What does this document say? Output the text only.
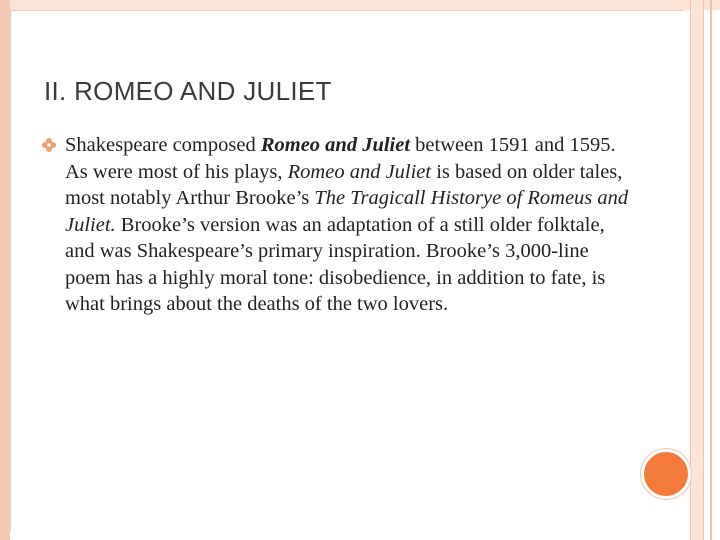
II. ROMEO AND JULIET
Shakespeare composed Romeo and Juliet between 1591 and 1595. As were most of his plays, Romeo and Juliet is based on older tales, most notably Arthur Brooke’s The Tragicall Historye of Romeus and Juliet. Brooke’s version was an adaptation of a still older folktale, and was Shakespeare’s primary inspiration. Brooke’s 3,000-line poem has a highly moral tone: disobedience, in addition to fate, is what brings about the deaths of the two lovers.
